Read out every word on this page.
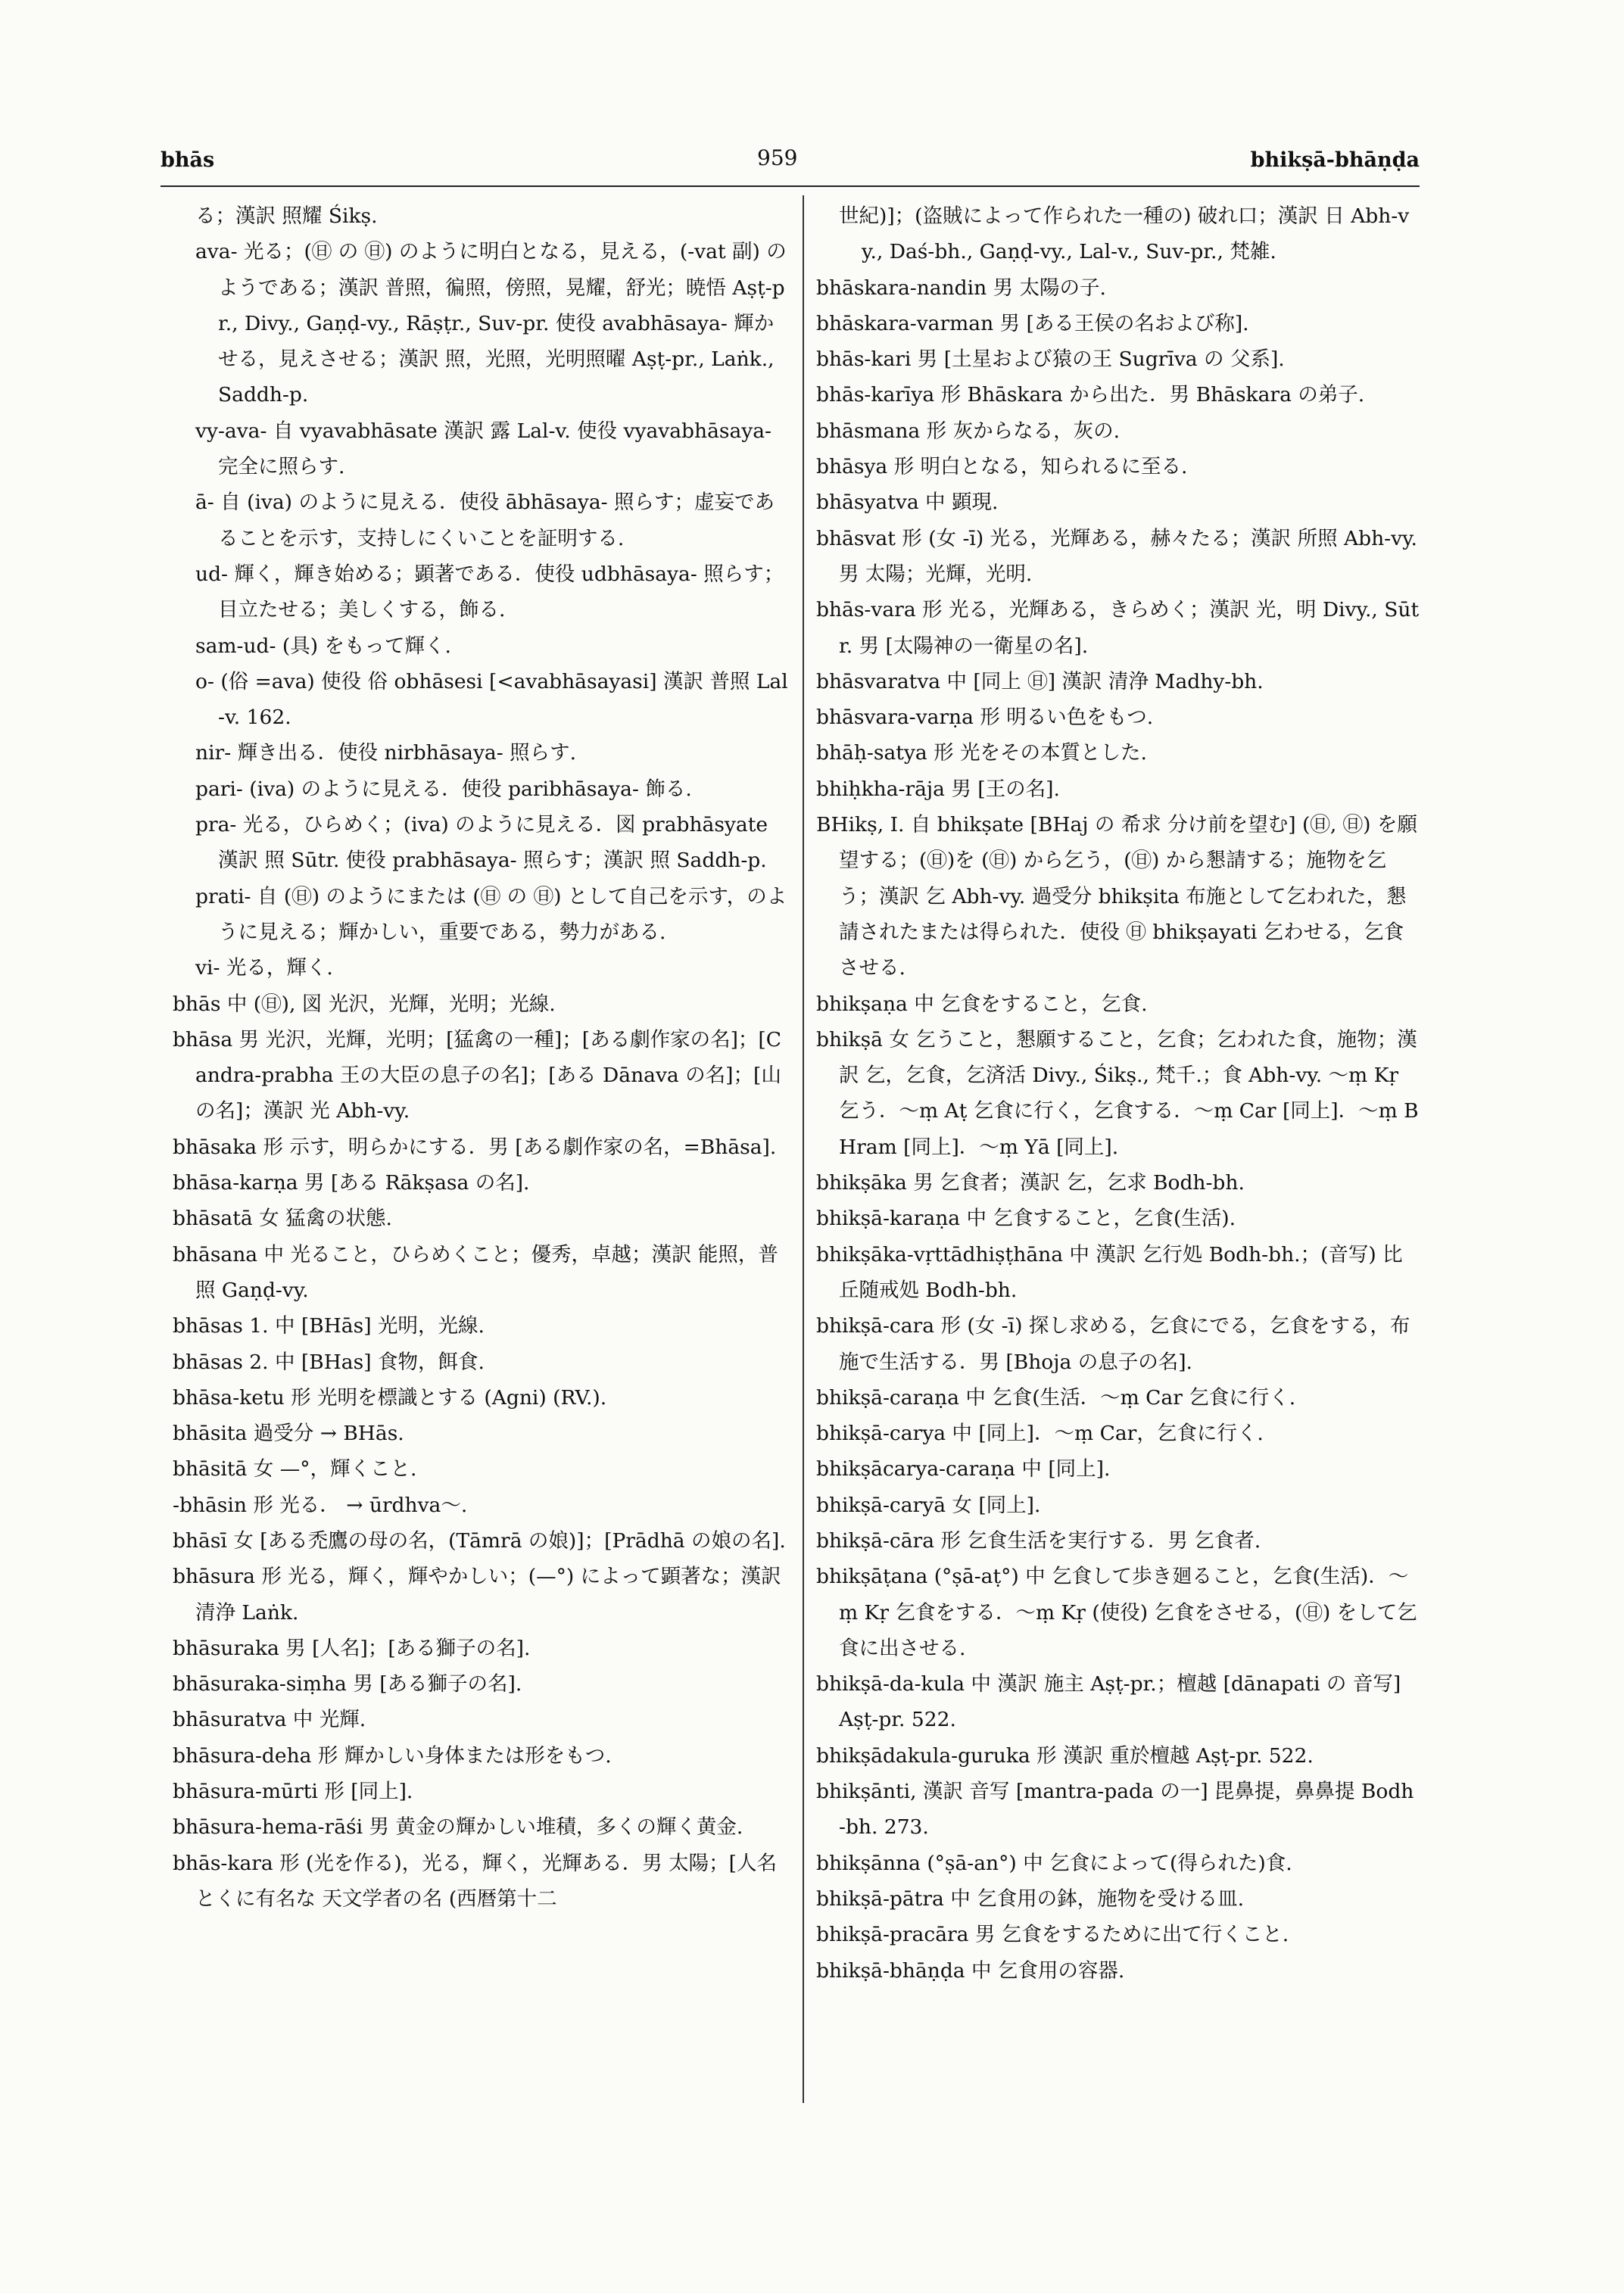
bhās	959	bhikṣā-bhāṇḍa
る；漢訳 照耀 Śikṣ.
ava- 光る；(㊐ の ㊐) のように明白となる，見える，(-vat 副) のようである；漢訳 普照，徧照，傍照，晃耀，舒光；暁悟 Aṣṭ-pr., Divy., Gaṇḍ-vy., Rāṣṭr., Suv-pr. 使役 avabhāsaya- 輝かせる，見えさせる；漢訳 照，光照，光明照曜 Aṣṭ-pr., Laṅk., Saddh-p.
vy-ava- 自 vyavabhāsate 漢訳 露 Lal-v. 使役 vyavabhāsaya- 完全に照らす.
ā- 自 (iva) のように見える．使役 ābhāsaya- 照らす；虚妄であることを示す，支持しにくいことを証明する.
ud- 輝く，輝き始める；顕著である．使役 udbhāsaya- 照らす；目立たせる；美しくする，飾る.
sam-ud- (具) をもって輝く.
o- (俗 =ava) 使役 俗 obhāsesi [<avabhāsayasi] 漢訳 普照 Lal-v. 162.
nir- 輝き出る．使役 nirbhāsaya- 照らす.
pari- (iva) のように見える．使役 paribhāsaya- 飾る.
pra- 光る，ひらめく；(iva) のように見える．図 prabhāsyate 漢訳 照 Sūtr. 使役 prabhāsaya- 照らす；漢訳 照 Saddh-p.
prati- 自 (㊐) のようにまたは (㊐ の ㊐) として自己を示す，のように見える；輝かしい，重要である，勢力がある.
vi- 光る，輝く.
bhās 中 (㊐), 図 光沢，光輝，光明；光線.
bhāsa 男 光沢，光輝，光明；[猛禽の一種]；[ある劇作家の名]；[Candra-prabha 王の大臣の息子の名]；[ある Dānava の名]；[山の名]；漢訳 光 Abh-vy.
bhāsaka 形 示す，明らかにする．男 [ある劇作家の名，=Bhāsa].
bhāsa-karṇa 男 [ある Rākṣasa の名].
bhāsatā 女 猛禽の状態.
bhāsana 中 光ること，ひらめくこと；優秀，卓越；漢訳 能照，普照 Gaṇḍ-vy.
bhāsas 1. 中 [BHās] 光明，光線.
bhāsas 2. 中 [BHas] 食物，餌食.
bhāsa-ketu 形 光明を標識とする (Agni) (RV.).
bhāsita 過受分 → BHās.
bhāsitā 女 —°，輝くこと.
-bhāsin 形 光る． → ūrdhva～.
bhāsī 女 [ある禿鷹の母の名，(Tāmrā の娘)]；[Prādhā の娘の名].
bhāsura 形 光る，輝く，輝やかしい；(—°) によって顕著な；漢訳 清浄 Laṅk.
bhāsuraka 男 [人名]；[ある獅子の名].
bhāsuraka-siṃha 男 [ある獅子の名].
bhāsuratva 中 光輝.
bhāsura-deha 形 輝かしい身体または形をもつ.
bhāsura-mūrti 形 [同上].
bhāsura-hema-rāśi 男 黄金の輝かしい堆積，多くの輝く黄金.
bhās-kara 形 (光を作る)，光る，輝く，光輝ある．男 太陽；[人名 とくに有名な 天文学者の名 (西暦第十二
世紀)]；(盗賊によって作られた一種の) 破れ口；漢訳 日 Abh-vy., Daś-bh., Gaṇḍ-vy., Lal-v., Suv-pr., 梵雑.
bhāskara-nandin 男 太陽の子.
bhāskara-varman 男 [ある王侯の名および称].
bhās-kari 男 [土星および猿の王 Sugrīva の 父系].
bhās-karīya 形 Bhāskara から出た．男 Bhāskara の弟子.
bhāsmana 形 灰からなる，灰の.
bhāsya 形 明白となる，知られるに至る.
bhāsyatva 中 顕現.
bhāsvat 形 (女 -ī) 光る，光輝ある，赫々たる；漢訳 所照 Abh-vy. 男 太陽；光輝，光明.
bhās-vara 形 光る，光輝ある，きらめく；漢訳 光，明 Divy., Sūtr. 男 [太陽神の一衛星の名].
bhāsvaratva 中 [同上 ㊐] 漢訳 清浄 Madhy-bh.
bhāsvara-varṇa 形 明るい色をもつ.
bhāḥ-satya 形 光をその本質とした.
bhiḥkha-rāja 男 [王の名].
BHikṣ, I. 自 bhikṣate [BHaj の 希求 分け前を望む] (㊐, ㊐) を願望する；(㊐)を (㊐) から乞う，(㊐) から懇請する；施物を乞う；漢訳 乞 Abh-vy. 過受分 bhikṣita 布施として乞われた，懇請されたまたは得られた．使役 ㊐ bhikṣayati 乞わせる，乞食させる.
bhikṣaṇa 中 乞食をすること，乞食.
bhikṣā 女 乞うこと，懇願すること，乞食；乞われた食，施物；漢訳 乞，乞食，乞済活 Divy., Śikṣ., 梵千.；食 Abh-vy. ～ṃ Kṛ 乞う．～ṃ Aṭ 乞食に行く，乞食する．～ṃ Car [同上]．～ṃ BHram [同上]．～ṃ Yā [同上].
bhikṣāka 男 乞食者；漢訳 乞，乞求 Bodh-bh.
bhikṣā-karaṇa 中 乞食すること，乞食(生活).
bhikṣāka-vṛttādhiṣṭhāna 中 漢訳 乞行処 Bodh-bh.；(音写) 比丘随戒処 Bodh-bh.
bhikṣā-cara 形 (女 -ī) 探し求める，乞食にでる，乞食をする，布施で生活する．男 [Bhoja の息子の名].
bhikṣā-caraṇa 中 乞食(生活．～ṃ Car 乞食に行く.
bhikṣā-carya 中 [同上]．～ṃ Car，乞食に行く.
bhikṣācarya-caraṇa 中 [同上].
bhikṣā-caryā 女 [同上].
bhikṣā-cāra 形 乞食生活を実行する．男 乞食者.
bhikṣāṭana (°ṣā-aṭ°) 中 乞食して歩き廻ること，乞食(生活)．～ṃ Kṛ 乞食をする．～ṃ Kṛ (使役) 乞食をさせる，(㊐) をして乞食に出させる.
bhikṣā-da-kula 中 漢訳 施主 Aṣṭ-pr.；檀越 [dānapati の 音写] Aṣṭ-pr. 522.
bhikṣādakula-guruka 形 漢訳 重於檀越 Aṣṭ-pr. 522.
bhikṣānti, 漢訳 音写 [mantra-pada の一] 毘鼻提，鼻鼻提 Bodh-bh. 273.
bhikṣānna (°ṣā-an°) 中 乞食によって(得られた)食.
bhikṣā-pātra 中 乞食用の鉢，施物を受ける皿.
bhikṣā-pracāra 男 乞食をするために出て行くこと.
bhikṣā-bhāṇḍa 中 乞食用の容器.
